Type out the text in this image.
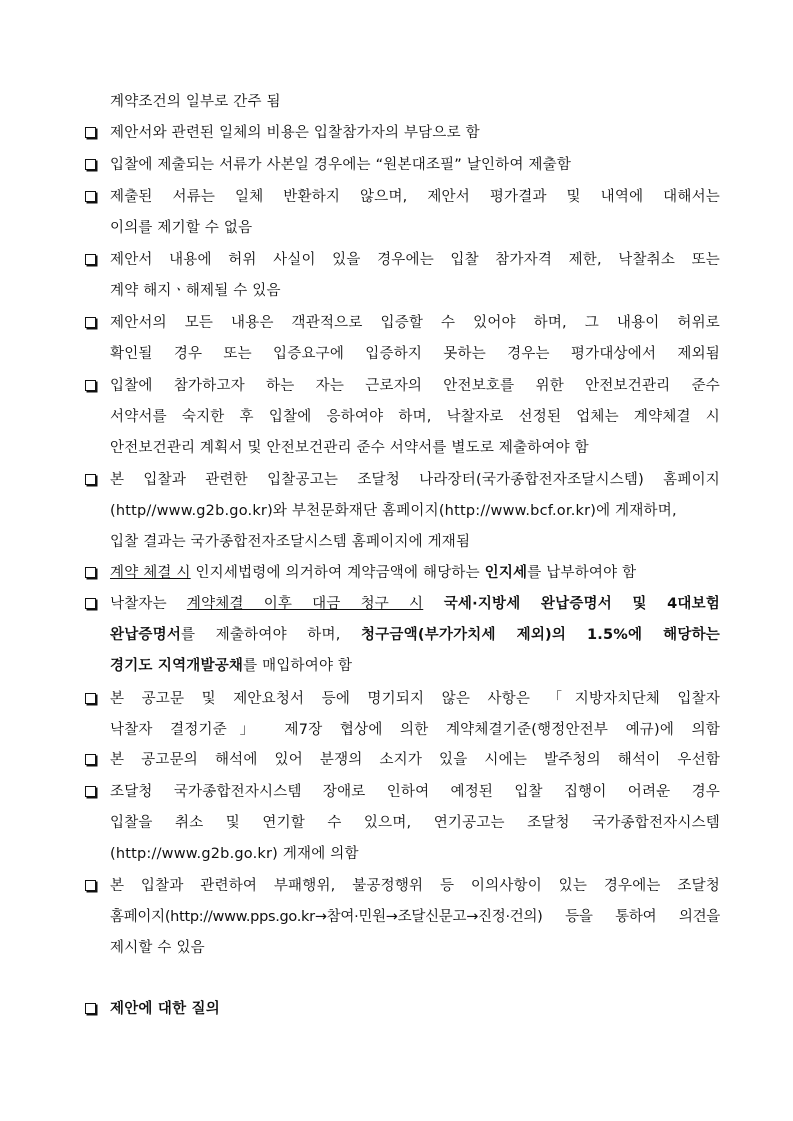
계약조건의 일부로 간주 됨
제안서와 관련된 일체의 비용은 입찰참가자의 부담으로 함
입찰에 제출되는 서류가 사본일 경우에는 “원본대조필” 날인하여 제출함
제출된 서류는 일체 반환하지 않으며, 제안서 평가결과 및 내역에 대해서는
이의를 제기할 수 없음
제안서 내용에 허위 사실이 있을 경우에는 입찰 참가자격 제한, 낙찰취소 또는
계약 해지ㆍ해제될 수 있음
제안서의 모든 내용은 객관적으로 입증할 수 있어야 하며, 그 내용이 허위로
확인될 경우 또는 입증요구에 입증하지 못하는 경우는 평가대상에서 제외됨
입찰에 참가하고자 하는 자는 근로자의 안전보호를 위한 안전보건관리 준수
서약서를 숙지한 후 입찰에 응하여야 하며, 낙찰자로 선정된 업체는 계약체결 시
안전보건관리 계획서 및 안전보건관리 준수 서약서를 별도로 제출하여야 함
본 입찰과 관련한 입찰공고는 조달청 나라장터(국가종합전자조달시스템) 홈페이지
(http//www.g2b.go.kr)와 부천문화재단 홈페이지(http://www.bcf.or.kr)에 게재하며,
입찰 결과는 국가종합전자조달시스템 홈페이지에 게재됨
계약 체결 시 인지세법령에 의거하여 계약금액에 해당하는 인지세를 납부하여야 함
낙찰자는 계약체결 이후 대금 청구 시 국세·지방세 완납증명서 및 4대보험
완납증명서를 제출하여야 하며, 청구금액(부가가치세 제외)의 1.5%에 해당하는
경기도 지역개발공채를 매입하여야 함
본 공고문 및 제안요청서 등에 명기되지 않은 사항은 「지방자치단체 입찰자
낙찰자 결정기준」 제7장 협상에 의한 계약체결기준(행정안전부 예규)에 의함
본 공고문의 해석에 있어 분쟁의 소지가 있을 시에는 발주청의 해석이 우선함
조달청 국가종합전자시스템 장애로 인하여 예정된 입찰 집행이 어려운 경우
입찰을 취소 및 연기할 수 있으며, 연기공고는 조달청 국가종합전자시스템
(http://www.g2b.go.kr) 게재에 의함
본 입찰과 관련하여 부패행위, 불공정행위 등 이의사항이 있는 경우에는 조달청
홈페이지(http://www.pps.go.kr→참여·민원→조달신문고→진정·건의) 등을 통하여 의견을
제시할 수 있음
제안에 대한 질의
